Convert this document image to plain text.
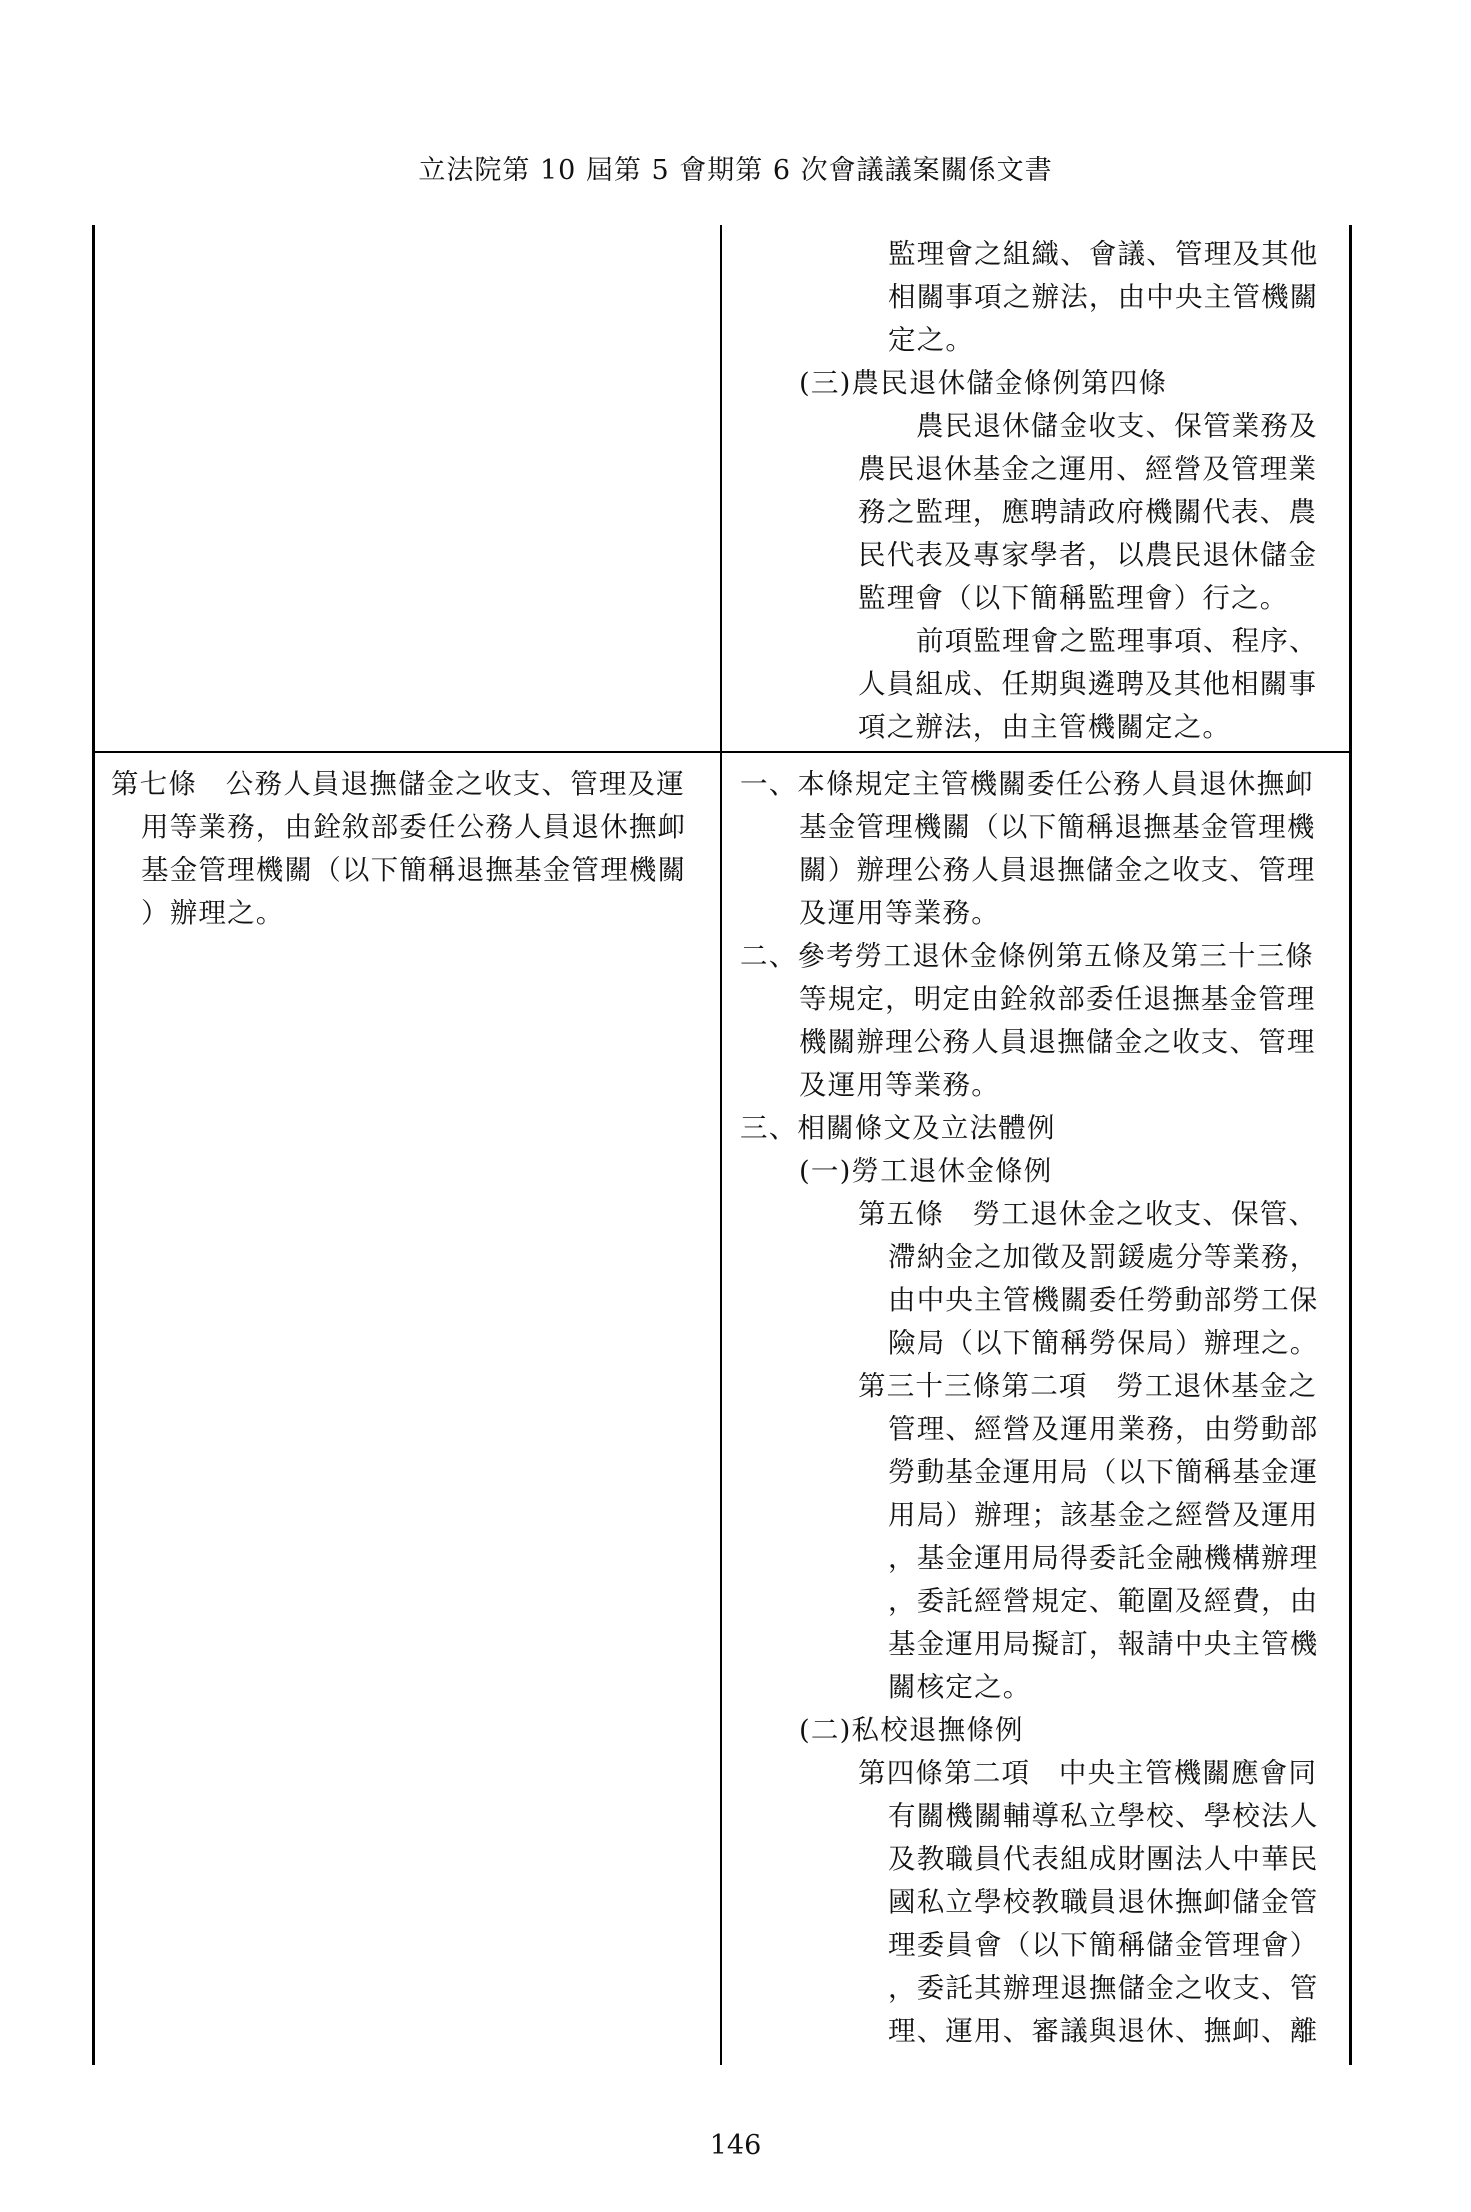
立法院第 10 屆第 5 會期第 6 次會議議案關係文書
監理會之組織、會議、管理及其他
相關事項之辦法，由中央主管機關
定之。
(三)農民退休儲金條例第四條
農民退休儲金收支、保管業務及
農民退休基金之運用、經營及管理業
務之監理，應聘請政府機關代表、農
民代表及專家學者，以農民退休儲金
監理會（以下簡稱監理會）行之。
前項監理會之監理事項、程序、
人員組成、任期與遴聘及其他相關事
項之辦法，由主管機關定之。
第七條　公務人員退撫儲金之收支、管理及運
用等業務，由銓敘部委任公務人員退休撫卹
基金管理機關（以下簡稱退撫基金管理機關
）辦理之。
一、本條規定主管機關委任公務人員退休撫卹
基金管理機關（以下簡稱退撫基金管理機
關）辦理公務人員退撫儲金之收支、管理
及運用等業務。
二、參考勞工退休金條例第五條及第三十三條
等規定，明定由銓敘部委任退撫基金管理
機關辦理公務人員退撫儲金之收支、管理
及運用等業務。
三、相關條文及立法體例
(一)勞工退休金條例
第五條　勞工退休金之收支、保管、
滯納金之加徵及罰鍰處分等業務，
由中央主管機關委任勞動部勞工保
險局（以下簡稱勞保局）辦理之。
第三十三條第二項　勞工退休基金之
管理、經營及運用業務，由勞動部
勞動基金運用局（以下簡稱基金運
用局）辦理；該基金之經營及運用
，基金運用局得委託金融機構辦理
，委託經營規定、範圍及經費，由
基金運用局擬訂，報請中央主管機
關核定之。
(二)私校退撫條例
第四條第二項　中央主管機關應會同
有關機關輔導私立學校、學校法人
及教職員代表組成財團法人中華民
國私立學校教職員退休撫卹儲金管
理委員會（以下簡稱儲金管理會）
，委託其辦理退撫儲金之收支、管
理、運用、審議與退休、撫卹、離
146
